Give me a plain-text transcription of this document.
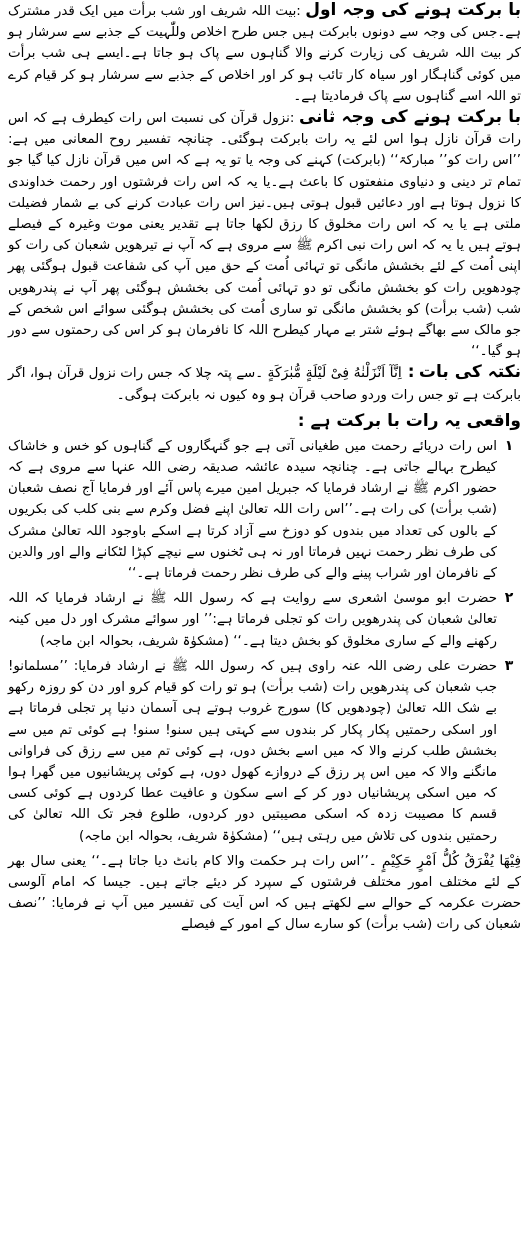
با برکت ہونے کی وجہ اول :بیت اللہ شریف اور شب برأت میں ایک قدر مشترک ہے۔جس کی وجہ سے دونوں بابرکت ہیں جس طرح اخلاص وللّٰہیت کے جذبے سے سرشار ہو کر بیت اللہ شریف کی زیارت کرنے والا گناہوں سے پاک ہو جاتا ہے۔ایسے ہی شب برأت میں کوئی گناہگار اور سیاہ کار تائب ہو کر اور اخلاص کے جذبے سے سرشار ہو کر قیام کرے تو اللہ اسے گناہوں سے پاک فرمادیتا ہے۔

با برکت ہونے کی وجہ ثانی :نزول قرآن کی نسبت اس رات کیطرف ہے کہ اس رات قرآن نازل ہوا اس لئے یہ رات بابرکت ہوگئی۔ چنانچہ تفسیر روح المعانی میں ہے: ’’اس رات کو’’ مبارکۃ‘‘ (بابرکت) کہنے کی وجہ یا تو یہ ہے کہ اس میں قرآن نازل کیا گیا جو تمام تر دینی و دنیاوی منفعتوں کا باعث ہے۔یا یہ کہ اس رات فرشتوں اور رحمت خداوندی کا نزول ہوتا ہے اور دعائیں قبول ہوتی ہیں۔نیز اس رات عبادت کرنے کی بے شمار فضیلت ملتی ہے یا یہ کہ اس رات مخلوق کا رزق لکھا جاتا ہے تقدیر یعنی موت وغیرہ کے فیصلے ہوتے ہیں یا یہ کہ اس رات نبی اکرم ﷺ سے مروی ہے کہ آپ نے تیرھویں شعبان کی رات کو اپنی اُمت کے لئے بخشش مانگی تو تہائی اُمت کے حق میں آپ کی شفاعت قبول ہوگئی پھر چودھویں رات کو بخشش مانگی تو دو تہائی اُمت کی بخشش ہوگئی پھر آپ نے پندرھویں شب (شب برأت) کو بخشش مانگی تو ساری اُمت کی بخشش ہوگئی سوائے اس شخص کے جو مالک سے بھاگے ہوئے شتر بے مہار کیطرح اللہ کا نافرمان ہو کر اس کی رحمتوں سے دور ہو گیا۔‘‘

نکتہ کی بات : اِنَّآ اَنْزَلْنٰهُ فِىْ لَيْلَةٍ مُّبٰرَكَةٍ ۔سے پتہ چلا کہ جس رات نزول قرآن ہوا، اگر بابرکت ہے تو جس رات وردو صاحب قرآن ہو وہ کیوں نہ بابرکت ہوگی۔

واقعی یہ رات با برکت ہے :

۱

اس رات دریائے رحمت میں طغیانی آتی ہے جو گنہگاروں کے گناہوں کو خس و خاشاک کیطرح بہالے جاتی ہے۔ چنانچہ سیدہ عائشہ صدیقہ رضی اللہ عنہا سے مروی ہے کہ حضور اکرم ﷺ نے ارشاد فرمایا کہ جبریل امین میرے پاس آئے اور فرمایا آج نصف شعبان (شب برأت) کی رات ہے۔’’اس رات اللہ تعالیٰ اپنے فضل وکرم سے بنی کلب کی بکریوں کے بالوں کی تعداد میں بندوں کو دوزخ سے آزاد کرتا ہے اسکے باوجود اللہ تعالیٰ مشرک کی طرف نظر رحمت نہیں فرماتا اور نہ ہی ٹخنوں سے نیچے کپڑا لٹکانے والے اور والدین کے نافرمان اور شراب پینے والے کی طرف نظر رحمت فرماتا ہے۔‘‘

۲

حضرت ابو موسیٰ اشعری سے روایت ہے کہ رسول اللہ ﷺ نے ارشاد فرمایا کہ اللہ تعالیٰ شعبان کی پندرھویں رات کو تجلی فرماتا ہے:’’ اور سوائے مشرک اور دل میں کینہ رکھنے والے کے ساری مخلوق کو بخش دیتا ہے۔‘‘ (مشکوٰۃ شریف، بحوالہ ابن ماجہ)

۳

حضرت علی رضی اللہ عنہ راوی ہیں کہ رسول اللہ ﷺ نے ارشاد فرمایا: ’’مسلمانو! جب شعبان کی پندرھویں رات (شب برأت) ہو تو رات کو قیام کرو اور دن کو روزہ رکھو بے شک اللہ تعالیٰ (چودھویں کا) سورج غروب ہوتے ہی آسمان دنیا پر تجلی فرماتا ہے اور اسکی رحمتیں پکار پکار کر بندوں سے کہتی ہیں سنو! سنو! ہے کوئی تم میں سے بخشش طلب کرنے والا کہ میں اسے بخش دوں، ہے کوئی تم میں سے رزق کی فراوانی مانگنے والا کہ میں اس پر رزق کے دروازے کھول دوں، ہے کوئی پریشانیوں میں گھرا ہوا کہ میں اسکی پریشانیاں دور کر کے اسے سکون و عافیت عطا کردوں ہے کوئی کسی قسم کا مصیبت زدہ کہ اسکی مصیبتیں دور کردوں، طلوع فجر تک اللہ تعالیٰ کی رحمتیں بندوں کی تلاش میں رہتی ہیں‘‘ (مشکوٰۃ شریف، بحوالہ ابن ماجہ)

فِيْهَا يُفْرَقُ كُلُّ اَمْرٍ حَكِيْمٍ ۔’’اس رات ہر حکمت والا کام بانٹ دیا جاتا ہے۔‘‘ یعنی سال بھر کے لئے مختلف امور مختلف فرشتوں کے سپرد کر دیئے جاتے ہیں۔ جیسا کہ امام آلوسی حضرت عکرمہ کے حوالے سے لکھتے ہیں کہ اس آیت کی تفسیر میں آپ نے فرمایا: ’’نصف شعبان کی رات (شب برأت) کو سارے سال کے امور کے فیصلے
